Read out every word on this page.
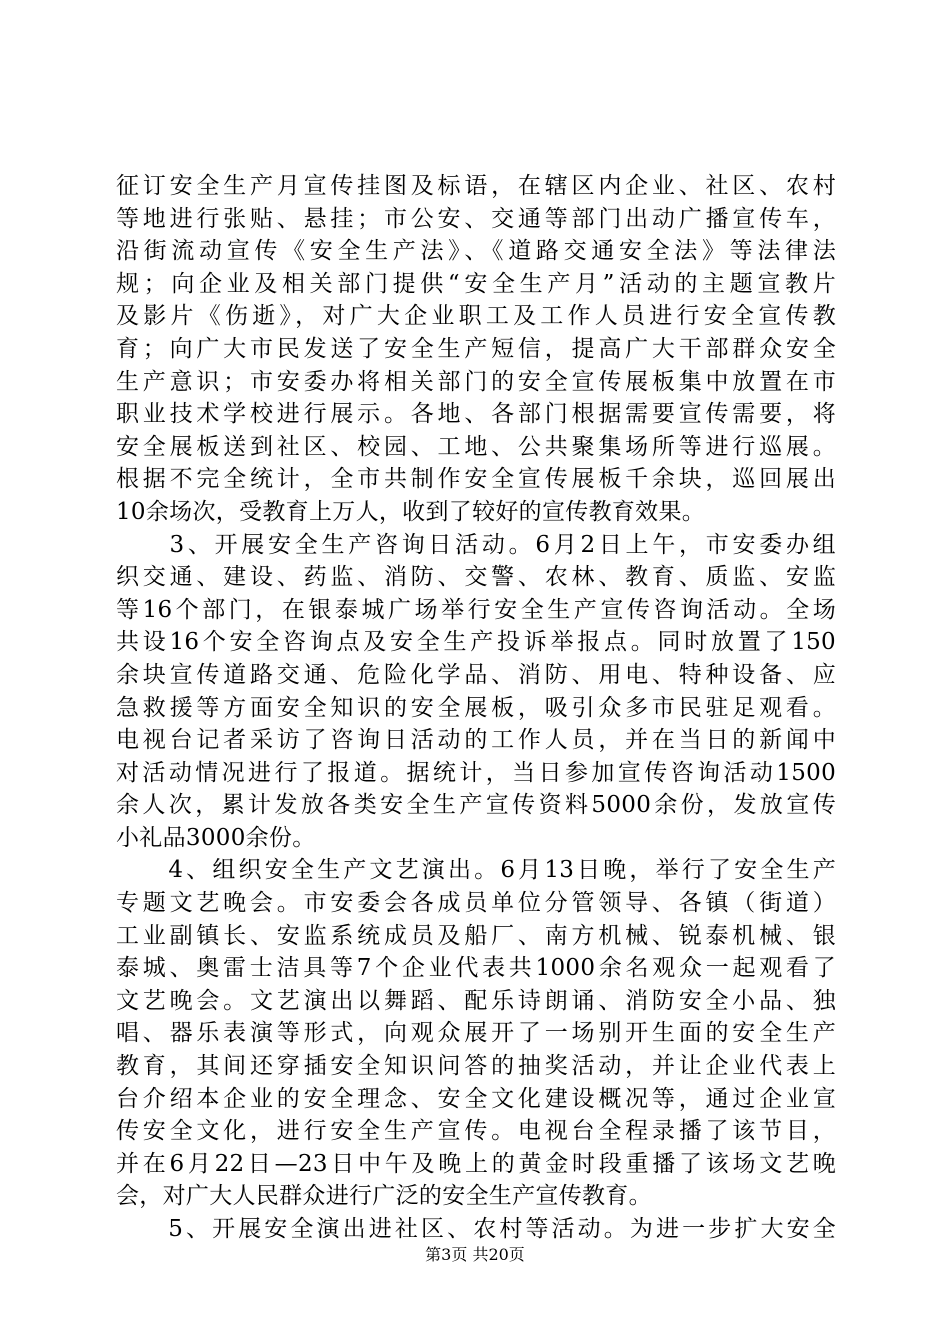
征订安全生产月宣传挂图及标语，在辖区内企业、社区、农村
等地进行张贴、悬挂；市公安、交通等部门出动广播宣传车，
沿街流动宣传《安全生产法》、《道路交通安全法》等法律法
规；向企业及相关部门提供“安全生产月”活动的主题宣教片
及影片《伤逝》，对广大企业职工及工作人员进行安全宣传教
育；向广大市民发送了安全生产短信，提高广大干部群众安全
生产意识；市安委办将相关部门的安全宣传展板集中放置在市
职业技术学校进行展示。各地、各部门根据需要宣传需要，将
安全展板送到社区、校园、工地、公共聚集场所等进行巡展。
根据不完全统计，全市共制作安全宣传展板千余块，巡回展出
10余场次，受教育上万人，收到了较好的宣传教育效果。
　　3、开展安全生产咨询日活动。6月2日上午，市安委办组
织交通、建设、药监、消防、交警、农林、教育、质监、安监
等16个部门，在银泰城广场举行安全生产宣传咨询活动。全场
共设16个安全咨询点及安全生产投诉举报点。同时放置了150
余块宣传道路交通、危险化学品、消防、用电、特种设备、应
急救援等方面安全知识的安全展板，吸引众多市民驻足观看。
电视台记者采访了咨询日活动的工作人员，并在当日的新闻中
对活动情况进行了报道。据统计，当日参加宣传咨询活动1500
余人次，累计发放各类安全生产宣传资料5000余份，发放宣传
小礼品3000余份。
　　4、组织安全生产文艺演出。6月13日晚，举行了安全生产
专题文艺晚会。市安委会各成员单位分管领导、各镇（街道）
工业副镇长、安监系统成员及船厂、南方机械、锐泰机械、银
泰城、奥雷士洁具等7个企业代表共1000余名观众一起观看了
文艺晚会。文艺演出以舞蹈、配乐诗朗诵、消防安全小品、独
唱、器乐表演等形式，向观众展开了一场别开生面的安全生产
教育，其间还穿插安全知识问答的抽奖活动，并让企业代表上
台介绍本企业的安全理念、安全文化建设概况等，通过企业宣
传安全文化，进行安全生产宣传。电视台全程录播了该节目，
并在6月22日—23日中午及晚上的黄金时段重播了该场文艺晚
会，对广大人民群众进行广泛的安全生产宣传教育。
　　5、开展安全演出进社区、农村等活动。为进一步扩大安全
第3页 共20页
